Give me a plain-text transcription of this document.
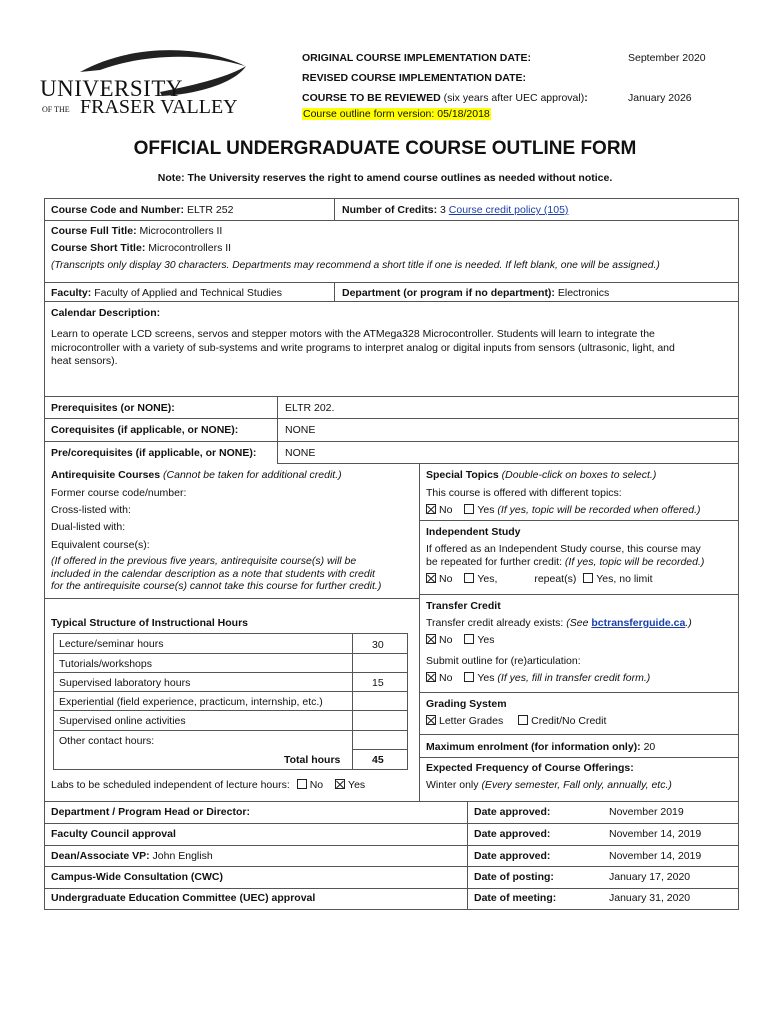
UNIVERSITY
OF THE FRASER VALLEY
ORIGINAL COURSE IMPLEMENTATION DATE:	September 2020
REVISED COURSE IMPLEMENTATION DATE:
COURSE TO BE REVIEWED (six years after UEC approval):	January 2026
Course outline form version: 05/18/2018
OFFICIAL UNDERGRADUATE COURSE OUTLINE FORM
Note: The University reserves the right to amend course outlines as needed without notice.
Course Code and Number: ELTR 252	Number of Credits: 3 Course credit policy (105)
Course Full Title: Microcontrollers II
Course Short Title: Microcontrollers II
(Transcripts only display 30 characters. Departments may recommend a short title if one is needed. If left blank, one will be assigned.)
Faculty: Faculty of Applied and Technical Studies	Department (or program if no department): Electronics
Calendar Description:
Learn to operate LCD screens, servos and stepper motors with the ATMega328 Microcontroller. Students will learn to integrate the
microcontroller with a variety of sub-systems and write programs to interpret analog or digital inputs from sensors (ultrasonic, light, and
heat sensors).
Prerequisites (or NONE):	ELTR 202.
Corequisites (if applicable, or NONE):	NONE
Pre/corequisites (if applicable, or NONE):	NONE
Antirequisite Courses (Cannot be taken for additional credit.)
Former course code/number:
Cross-listed with:
Dual-listed with:
Equivalent course(s):
(If offered in the previous five years, antirequisite course(s) will be
included in the calendar description as a note that students with credit
for the antirequisite course(s) cannot take this course for further credit.)
Special Topics (Double-click on boxes to select.)
This course is offered with different topics:
No Yes (If yes, topic will be recorded when offered.)
Independent Study
If offered as an Independent Study course, this course may
be repeated for further credit: (If yes, topic will be recorded.)
No Yes,	repeat(s) Yes, no limit
Transfer Credit
Transfer credit already exists: (See bctransferguide.ca.)
No Yes
Submit outline for (re)articulation:
No Yes (If yes, fill in transfer credit form.)
Grading System
Letter Grades	Credit/No Credit
Maximum enrolment (for information only): 20
Expected Frequency of Course Offerings:
Winter only (Every semester, Fall only, annually, etc.)
Typical Structure of Instructional Hours
Lecture/seminar hours	30
Tutorials/workshops
Supervised laboratory hours	15
Experiential (field experience, practicum, internship, etc.)
Supervised online activities
Other contact hours:
Total hours	45
Labs to be scheduled independent of lecture hours: No Yes
Department / Program Head or Director:	Date approved:	November 2019
Faculty Council approval	Date approved:	November 14, 2019
Dean/Associate VP: John English	Date approved:	November 14, 2019
Campus-Wide Consultation (CWC)	Date of posting:	January 17, 2020
Undergraduate Education Committee (UEC) approval	Date of meeting:	January 31, 2020
